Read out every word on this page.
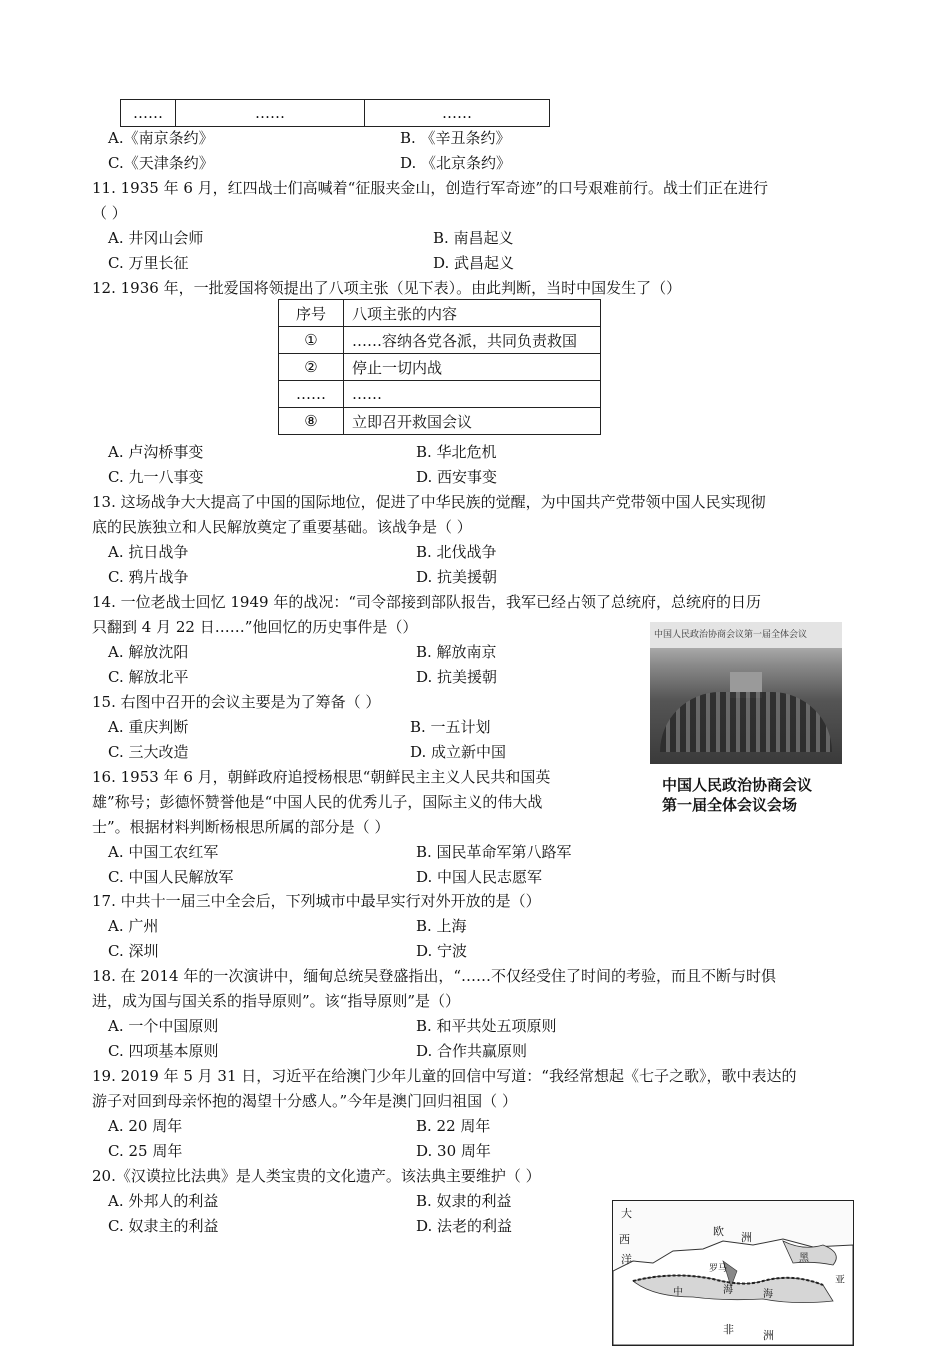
……	……	……
A.《南京条约》	B. 《辛丑条约》
C.《天津条约》	D. 《北京条约》
11. 1935 年 6 月，红四战士们高喊着“征服夹金山，创造行军奇迹”的口号艰难前行。战士们正在进行
（ ）
A. 井冈山会师	B. 南昌起义
C. 万里长征	D. 武昌起义
12. 1936 年，一批爱国将领提出了八项主张（见下表）。由此判断，当时中国发生了（）
序号	八项主张的内容
①	……容纳各党各派，共同负责救国
②	停止一切内战
……	……
⑧	立即召开救国会议
A. 卢沟桥事变	B. 华北危机
C. 九一八事变	D. 西安事变
13. 这场战争大大提高了中国的国际地位，促进了中华民族的觉醒，为中国共产党带领中国人民实现彻
底的民族独立和人民解放奠定了重要基础。该战争是（ ）
A. 抗日战争	B. 北伐战争
C. 鸦片战争	D. 抗美援朝
14. 一位老战士回忆 1949 年的战况：“司令部接到部队报告，我军已经占领了总统府，总统府的日历
只翻到 4 月 22 日……”他回忆的历史事件是（）
A. 解放沈阳	B. 解放南京
C. 解放北平	D. 抗美援朝
中国人民政治协商会议第一届全体会议
中国人民政治协商会议
第一届全体会议会场
15. 右图中召开的会议主要是为了筹备（ ）
A. 重庆判断	B. 一五计划
C. 三大改造	D. 成立新中国
16. 1953 年 6 月，朝鲜政府追授杨根思“朝鲜民主主义人民共和国英
雄”称号；彭德怀赞誉他是“中国人民的优秀儿子，国际主义的伟大战
士”。根据材料判断杨根思所属的部分是（ ）
A. 中国工农红军	B. 国民革命军第八路军
C. 中国人民解放军	D. 中国人民志愿军
17. 中共十一届三中全会后，下列城市中最早实行对外开放的是（）
A. 广州	B. 上海
C. 深圳	D. 宁波
18. 在 2014 年的一次演讲中，缅甸总统吴登盛指出，“……不仅经受住了时间的考验，而且不断与时俱
进，成为国与国关系的指导原则”。该“指导原则”是（）
A. 一个中国原则	B. 和平共处五项原则
C. 四项基本原则	D. 合作共赢原则
19. 2019 年 5 月 31 日，习近平在给澳门少年儿童的回信中写道：“我经常想起《七子之歌》，歌中表达的
游子对回到母亲怀抱的渴望十分感人。”今年是澳门回归祖国（ ）
A. 20 周年	B. 22 周年
C. 25 周年	D. 30 周年
20.《汉谟拉比法典》是人类宝贵的文化遗产。该法典主要维护（ ）
A. 外邦人的利益	B. 奴隶的利益
C. 奴隶主的利益	D. 法老的利益
大
欧 洲
西
洋
海
罗马
非	洲
中	海
黑
亚
